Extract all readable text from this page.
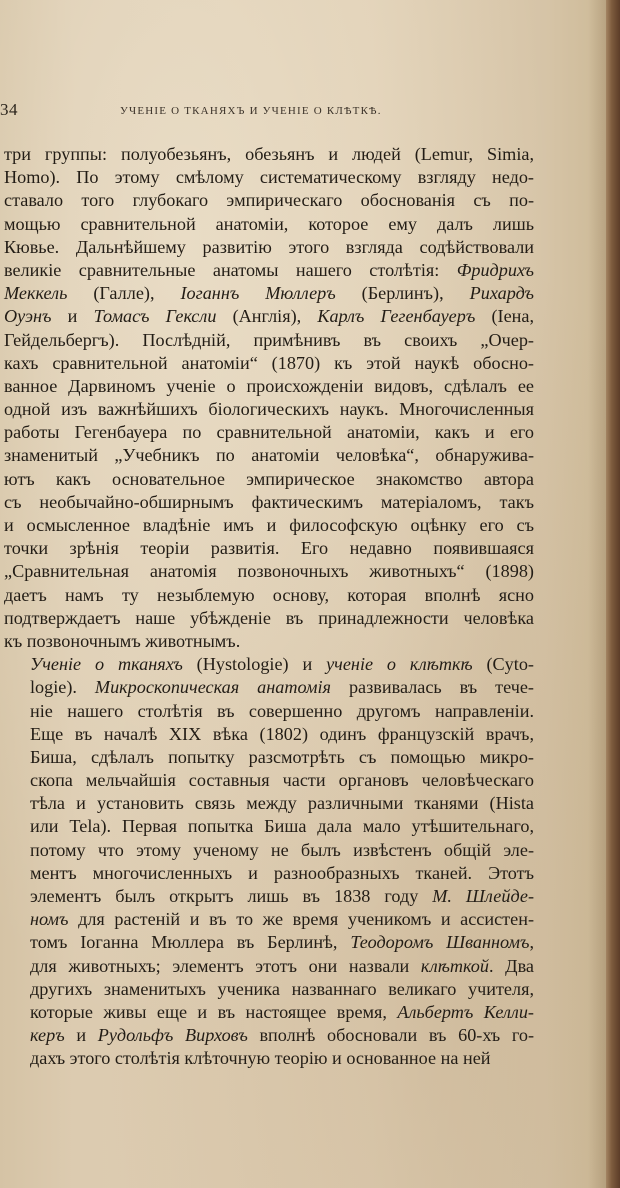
34	УЧЕНІЕ О ТКАНЯХЪ И УЧЕНІЕ О КЛѢТКѢ.
три группы: полуобезьянъ, обезьянъ и людей (Lemur, Simia,
Homo). По этому смѣлому систематическому взгляду недо-
ставало того глубокаго эмпирическаго обоснованія съ по-
мощью сравнительной анатоміи, которое ему далъ лишь
Кювье. Дальнѣйшему развитію этого взгляда содѣйствовали
великіе сравнительные анатомы нашего столѣтія: Фридрихъ
Меккель (Галле), Іоганнъ Мюллеръ (Берлинъ), Рихардъ
Оуэнъ и Томасъ Гексли (Англія), Карлъ Гегенбауеръ (Іена,
Гейдельбергъ). Послѣдній, примѣнивъ въ своихъ „Очер-
кахъ сравнительной анатоміи“ (1870) къ этой наукѣ обосно-
ванное Дарвиномъ ученіе о происхожденіи видовъ, сдѣлалъ ее
одной изъ важнѣйшихъ біологическихъ наукъ. Многочисленныя
работы Гегенбауера по сравнительной анатоміи, какъ и его
знаменитый „Учебникъ по анатоміи человѣка“, обнаружива-
ютъ какъ основательное эмпирическое знакомство автора
съ необычайно-обширнымъ фактическимъ матеріаломъ, такъ
и осмысленное владѣніе имъ и философскую оцѣнку его съ
точки зрѣнія теоріи развитія. Его недавно появившаяся
„Сравнительная анатомія позвоночныхъ животныхъ“ (1898)
даетъ намъ ту незыблемую основу, которая вполнѣ ясно
подтверждаетъ наше убѣжденіе въ принадлежности человѣка
къ позвоночнымъ животнымъ.
Ученіе о тканяхъ (Hystologie) и ученіе о клѣткѣ (Cyto-
logie). Микроскопическая анатомія развивалась въ тече-
ніе нашего столѣтія въ совершенно другомъ направленіи.
Еще въ началѣ XIX вѣка (1802) одинъ французскій врачъ,
Биша, сдѣлалъ попытку разсмотрѣть съ помощью микро-
скопа мельчайшія составныя части органовъ человѣческаго
тѣла и установить связь между различными тканями (Hista
или Tela). Первая попытка Биша дала мало утѣшительнаго,
потому что этому ученому не былъ извѣстенъ общій эле-
ментъ многочисленныхъ и разнообразныхъ тканей. Этотъ
элементъ былъ открытъ лишь въ 1838 году М. Шлейде-
номъ для растеній и въ то же время ученикомъ и ассистен-
томъ Іоганна Мюллера въ Берлинѣ, Теодоромъ Шванномъ,
для животныхъ; элементъ этотъ они назвали клѣткой. Два
другихъ знаменитыхъ ученика названнаго великаго учителя,
которые живы еще и въ настоящее время, Альбертъ Келли-
керъ и Рудольфъ Вирховъ вполнѣ обосновали въ 60-хъ го-
дахъ этого столѣтія клѣточную теорію и основанное на ней
